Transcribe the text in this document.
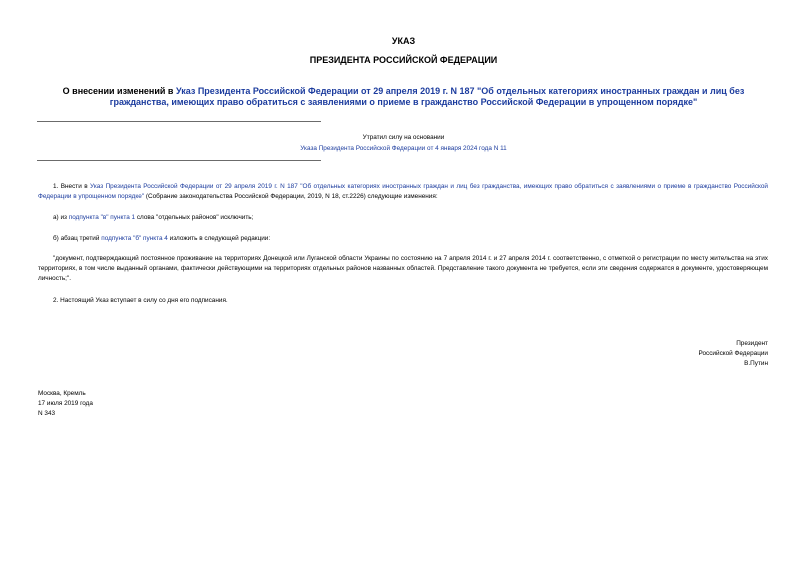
УКАЗ
ПРЕЗИДЕНТА РОССИЙСКОЙ ФЕДЕРАЦИИ
О внесении изменений в Указ Президента Российской Федерации от 29 апреля 2019 г. N 187 "Об отдельных категориях иностранных граждан и лиц без гражданства, имеющих право обратиться с заявлениями о приеме в гражданство Российской Федерации в упрощенном порядке"
Утратил силу на основании
Указа Президента Российской Федерации от 4 января 2024 года N 11
1. Внести в Указ Президента Российской Федерации от 29 апреля 2019 г. N 187 "Об отдельных категориях иностранных граждан и лиц без гражданства, имеющих право обратиться с заявлениями о приеме в гражданство Российской Федерации в упрощенном порядке" (Собрание законодательства Российской Федерации, 2019, N 18, ст.2226) следующие изменения:
а) из подпункта "в" пункта 1 слова "отдельных районов" исключить;
б) абзац третий подпункта "б" пункта 4 изложить в следующей редакции:
"документ, подтверждающий постоянное проживание на территориях Донецкой или Луганской области Украины по состоянию на 7 апреля 2014 г. и 27 апреля 2014 г. соответственно, с отметкой о регистрации по месту жительства на этих территориях, в том числе выданный органами, фактически действующими на территориях отдельных районов названных областей. Представление такого документа не требуется, если эти сведения содержатся в документе, удостоверяющем личность;".
2. Настоящий Указ вступает в силу со дня его подписания.
Президент
Российской Федерации
В.Путин
Москва, Кремль
17 июля 2019 года
N 343
